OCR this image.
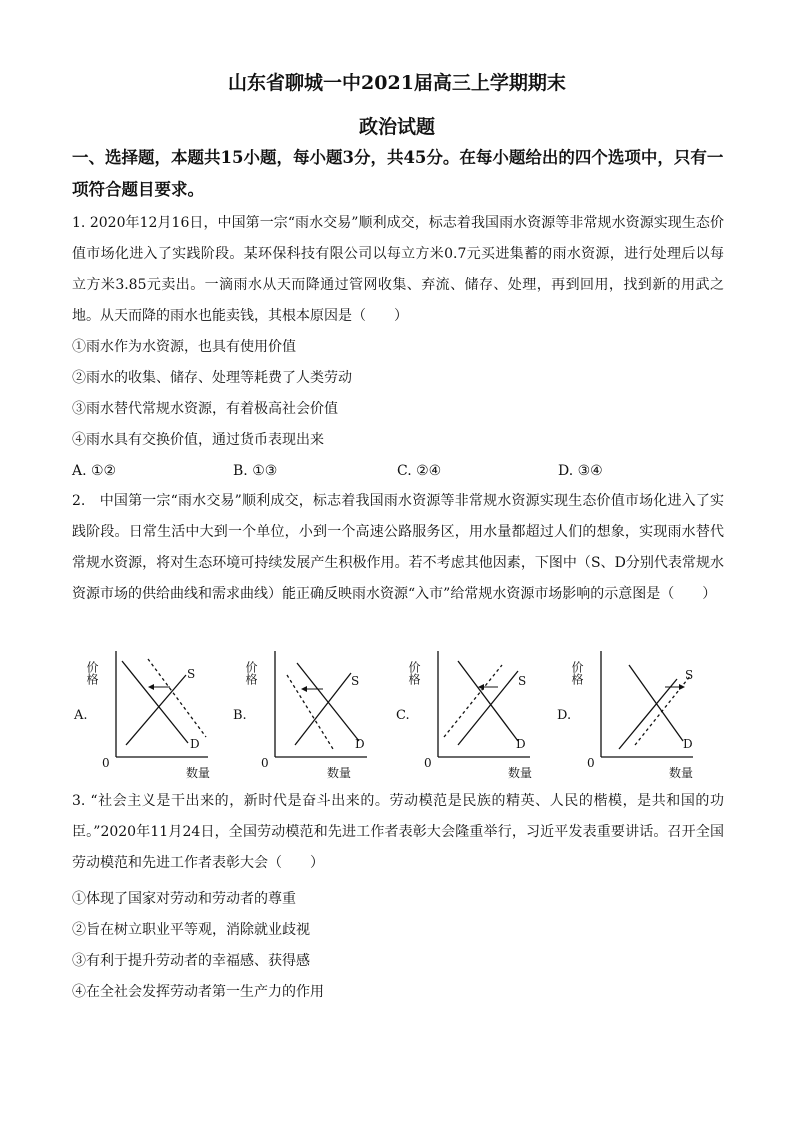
山东省聊城一中2021届高三上学期期末
政治试题
一、选择题，本题共15小题，每小题3分，共45分。在每小题给出的四个选项中，只有一项符合题目要求。
1. 2020年12月16日，中国第一宗“雨水交易”顺利成交，标志着我国雨水资源等非常规水资源实现生态价值市场化进入了实践阶段。某环保科技有限公司以每立方米0.7元买进集蓄的雨水资源，进行处理后以每立方米3.85元卖出。一滴雨水从天而降通过管网收集、弃流、储存、处理，再到回用，找到新的用武之地。从天而降的雨水也能卖钱，其根本原因是（　　）
①雨水作为水资源，也具有使用价值
②雨水的收集、储存、处理等耗费了人类劳动
③雨水替代常规水资源，有着极高社会价值
④雨水具有交换价值，通过货币表现出来
A. ①②	B. ①③	C. ②④	D. ③④
2.　中国第一宗“雨水交易”顺利成交，标志着我国雨水资源等非常规水资源实现生态价值市场化进入了实践阶段。日常生活中大到一个单位，小到一个高速公路服务区，用水量都超过人们的想象，实现雨水替代常规水资源，将对生态环境可持续发展产生积极作用。若不考虑其他因素，下图中（S、D分别代表常规水资源市场的供给曲线和需求曲线）能正确反映雨水资源“入市”给常规水资源市场影响的示意图是（　　）
A.
价格	S
D
0
数量
B.
价格	S
D
0
数量
C.
价格	S
D
0
数量
D.
价格	S
D
0
数量
3. “社会主义是干出来的，新时代是奋斗出来的。劳动模范是民族的精英、人民的楷模，是共和国的功臣。”2020年11月24日，全国劳动模范和先进工作者表彰大会隆重举行，习近平发表重要讲话。召开全国劳动模范和先进工作者表彰大会（　　）
①体现了国家对劳动和劳动者的尊重
②旨在树立职业平等观，消除就业歧视
③有利于提升劳动者的幸福感、获得感
④在全社会发挥劳动者第一生产力的作用
